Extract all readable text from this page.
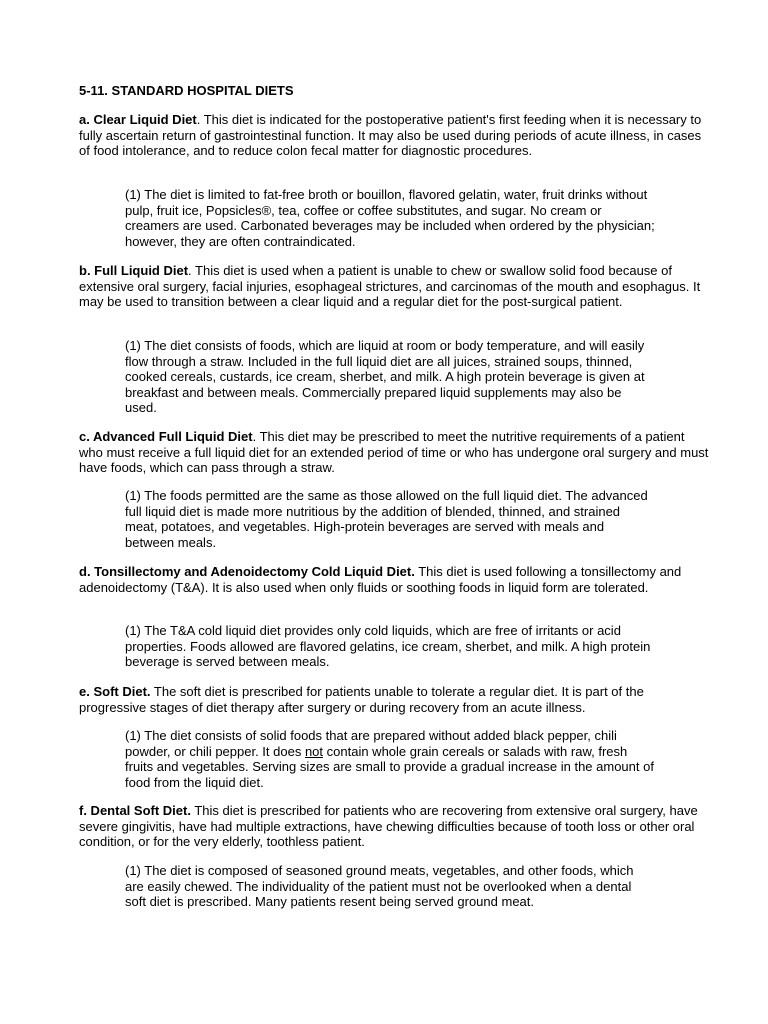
5-11. STANDARD HOSPITAL DIETS

a. Clear Liquid Diet. This diet is indicated for the postoperative patient's first feeding when it is necessary to fully ascertain return of gastrointestinal function. It may also be used during periods of acute illness, in cases of food intolerance, and to reduce colon fecal matter for diagnostic procedures.

(1) The diet is limited to fat-free broth or bouillon, flavored gelatin, water, fruit drinks without pulp, fruit ice, Popsicles®, tea, coffee or coffee substitutes, and sugar. No cream or creamers are used. Carbonated beverages may be included when ordered by the physician; however, they are often contraindicated.

b. Full Liquid Diet. This diet is used when a patient is unable to chew or swallow solid food because of extensive oral surgery, facial injuries, esophageal strictures, and carcinomas of the mouth and esophagus. It may be used to transition between a clear liquid and a regular diet for the post-surgical patient.

(1) The diet consists of foods, which are liquid at room or body temperature, and will easily flow through a straw. Included in the full liquid diet are all juices, strained soups, thinned, cooked cereals, custards, ice cream, sherbet, and milk. A high protein beverage is given at breakfast and between meals. Commercially prepared liquid supplements may also be used.

c. Advanced Full Liquid Diet. This diet may be prescribed to meet the nutritive requirements of a patient who must receive a full liquid diet for an extended period of time or who has undergone oral surgery and must have foods, which can pass through a straw.

(1) The foods permitted are the same as those allowed on the full liquid diet. The advanced full liquid diet is made more nutritious by the addition of blended, thinned, and strained meat, potatoes, and vegetables. High-protein beverages are served with meals and between meals.

d. Tonsillectomy and Adenoidectomy Cold Liquid Diet. This diet is used following a tonsillectomy and adenoidectomy (T&A). It is also used when only fluids or soothing foods in liquid form are tolerated.

(1) The T&A cold liquid diet provides only cold liquids, which are free of irritants or acid properties. Foods allowed are flavored gelatins, ice cream, sherbet, and milk. A high protein beverage is served between meals.

e. Soft Diet. The soft diet is prescribed for patients unable to tolerate a regular diet. It is part of the progressive stages of diet therapy after surgery or during recovery from an acute illness.

(1) The diet consists of solid foods that are prepared without added black pepper, chili powder, or chili pepper. It does not contain whole grain cereals or salads with raw, fresh fruits and vegetables. Serving sizes are small to provide a gradual increase in the amount of food from the liquid diet.

f. Dental Soft Diet. This diet is prescribed for patients who are recovering from extensive oral surgery, have severe gingivitis, have had multiple extractions, have chewing difficulties because of tooth loss or other oral condition, or for the very elderly, toothless patient.

(1) The diet is composed of seasoned ground meats, vegetables, and other foods, which are easily chewed. The individuality of the patient must not be overlooked when a dental soft diet is prescribed. Many patients resent being served ground meat.
